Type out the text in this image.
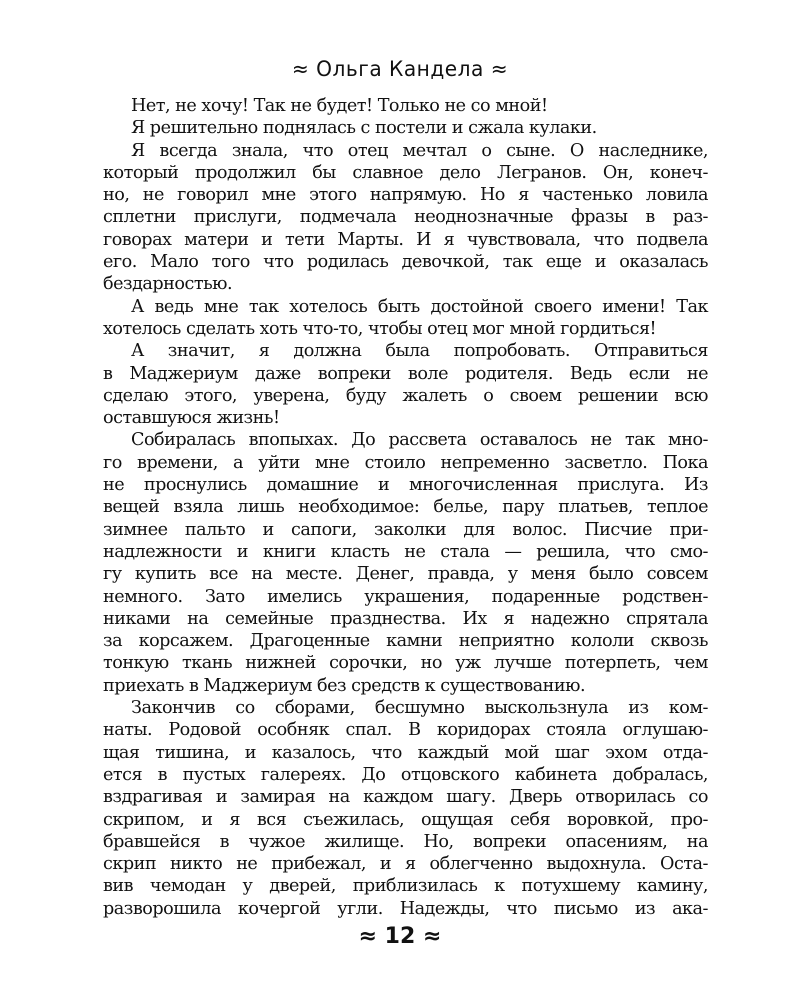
≈ Ольга Кандела ≈
Нет, не хочу! Так не будет! Только не со мной!
Я решительно поднялась с постели и сжала кулаки.
Я всегда знала, что отец мечтал о сыне. О наследнике,
который продолжил бы славное дело Легранов. Он, конеч-
но, не говорил мне этого напрямую. Но я частенько ловила
сплетни прислуги, подмечала неоднозначные фразы в раз-
говорах матери и тети Марты. И я чувствовала, что подвела
его. Мало того что родилась девочкой, так еще и оказалась
бездарностью.
А ведь мне так хотелось быть достойной своего имени! Так
хотелось сделать хоть что-то, чтобы отец мог мной гордиться!
А значит, я должна была попробовать. Отправиться
в Маджериум даже вопреки воле родителя. Ведь если не
сделаю этого, уверена, буду жалеть о своем решении всю
оставшуюся жизнь!
Собиралась впопыхах. До рассвета оставалось не так мно-
го времени, а уйти мне стоило непременно засветло. Пока
не проснулись домашние и многочисленная прислуга. Из
вещей взяла лишь необходимое: белье, пару платьев, теплое
зимнее пальто и сапоги, заколки для волос. Писчие при-
надлежности и книги класть не стала — решила, что смо-
гу купить все на месте. Денег, правда, у меня было совсем
немного. Зато имелись украшения, подаренные родствен-
никами на семейные празднества. Их я надежно спрятала
за корсажем. Драгоценные камни неприятно кололи сквозь
тонкую ткань нижней сорочки, но уж лучше потерпеть, чем
приехать в Маджериум без средств к существованию.
Закончив со сборами, бесшумно выскользнула из ком-
наты. Родовой особняк спал. В коридорах стояла оглушаю-
щая тишина, и казалось, что каждый мой шаг эхом отда-
ется в пустых галереях. До отцовского кабинета добралась,
вздрагивая и замирая на каждом шагу. Дверь отворилась со
скрипом, и я вся съежилась, ощущая себя воровкой, про-
бравшейся в чужое жилище. Но, вопреки опасениям, на
скрип никто не прибежал, и я облегченно выдохнула. Оста-
вив чемодан у дверей, приблизилась к потухшему камину,
разворошила кочергой угли. Надежды, что письмо из ака-
≈ 12 ≈
